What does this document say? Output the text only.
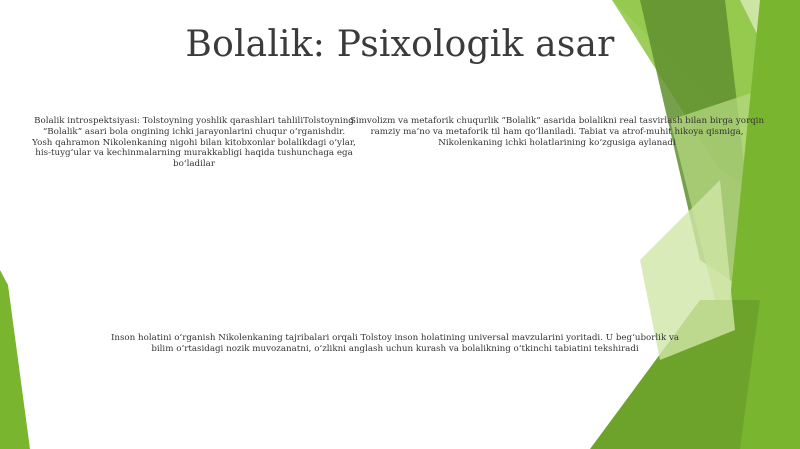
Bolalik: Psixologik asar
Bolalik introspektsiyasi: Tolstoyning yoshlik qarashlari tahliliTolstoyning “Bolalik” asari bola ongining ichki jarayonlarini chuqur o‘rganishdir. Yosh qahramon Nikolenkaning nigohi bilan kitobxonlar bolalikdagi o‘ylar, his-tuyg‘ular va kechinmalarning murakkabligi haqida tushunchaga ega bo‘ladilar
Simvolizm va metaforik chuqurlik “Bolalik” asarida bolalikni real tasvirlash bilan birga yorqin ramziy ma’no va metaforik til ham qo‘llaniladi. Tabiat va atrof-muhit hikoya qismiga, Nikolenkaning ichki holatlarining ko‘zgusiga aylanadi
Inson holatini o‘rganish Nikolenkaning tajribalari orqali Tolstoy inson holatining universal mavzularini yoritadi. U beg‘uborlik va bilim o‘rtasidagi nozik muvozanatni, o‘zlikni anglash uchun kurash va bolalikning o‘tkinchi tabiatini tekshiradi
